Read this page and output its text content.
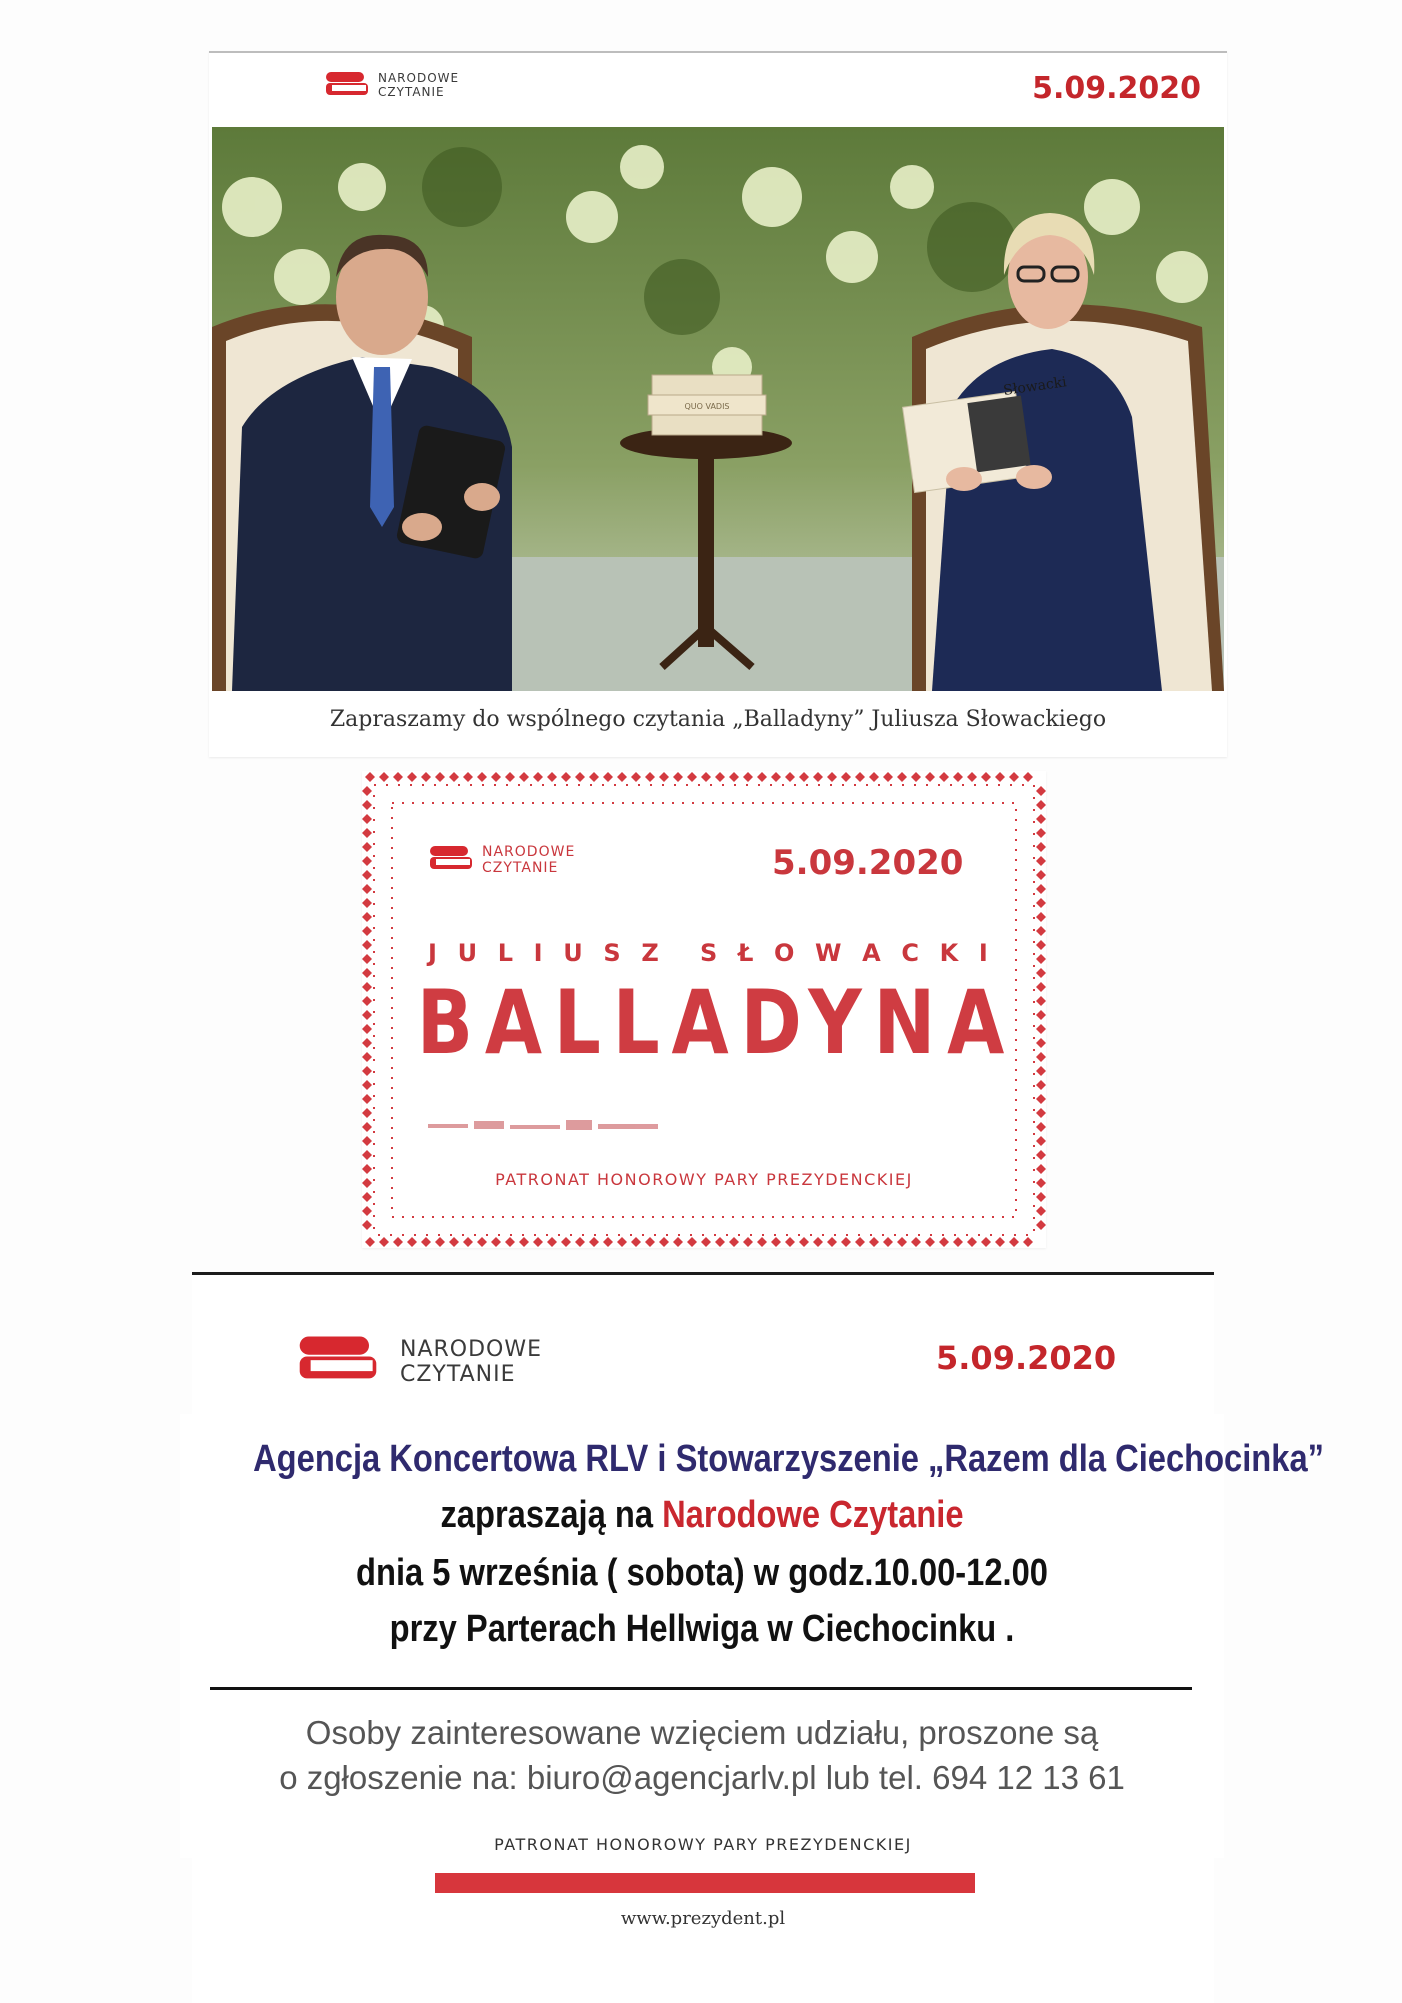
NARODOWE
CZYTANIE	5.09.2020
QUO VADIS
Słowacki
Zapraszamy do wspólnego czytania „Balladyny” Juliusza Słowackiego
NARODOWE
CZYTANIE	5.09.2020
J U L I U S Z S Ł O W A C K I
BALLADYNA
PATRONAT HONOROWY PARY PREZYDENCKIEJ
NARODOWE
CZYTANIE	5.09.2020
Agencja Koncertowa RLV i Stowarzyszenie „Razem dla Ciechocinka”
zapraszają na Narodowe Czytanie
dnia 5 września ( sobota) w godz.10.00-12.00
przy Parterach Hellwiga w Ciechocinku .
Osoby zainteresowane wzięciem udziału, proszone są
o zgłoszenie na: biuro@agencjarlv.pl lub tel. 694 12 13 61
PATRONAT HONOROWY PARY PREZYDENCKIEJ
www.prezydent.pl
